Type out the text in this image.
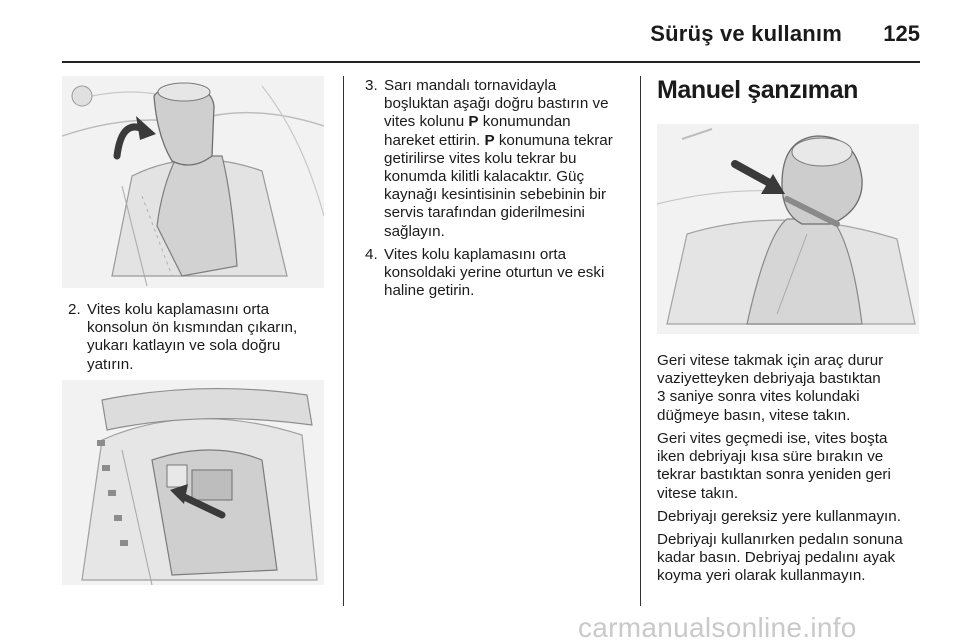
Sürüş ve kullanım 125
2. Vites kolu kaplamasını orta
konsolun ön kısmından çıkarın,
yukarı katlayın ve sola doğru
yatırın.
3. Sarı mandalı tornavidayla
boşluktan aşağı doğru bastırın ve
vites kolunu P konumundan
hareket ettirin. P konumuna tekrar
getirilirse vites kolu tekrar bu
konumda kilitli kalacaktır. Güç
kaynağı kesintisinin sebebinin bir
servis tarafından giderilmesini
sağlayın.
4. Vites kolu kaplamasını orta
konsoldaki yerine oturtun ve eski
haline getirin.
Manuel şanzıman
Geri vitese takmak için araç durur
vaziyetteyken debriyaja bastıktan
3 saniye sonra vites kolundaki
düğmeye basın, vitese takın.
Geri vites geçmedi ise, vites boşta
iken debriyajı kısa süre bırakın ve
tekrar bastıktan sonra yeniden geri
vitese takın.
Debriyajı gereksiz yere kullanmayın.
Debriyajı kullanırken pedalın sonuna
kadar basın. Debriyaj pedalını ayak
koyma yeri olarak kullanmayın.
carmanualsonline.info
